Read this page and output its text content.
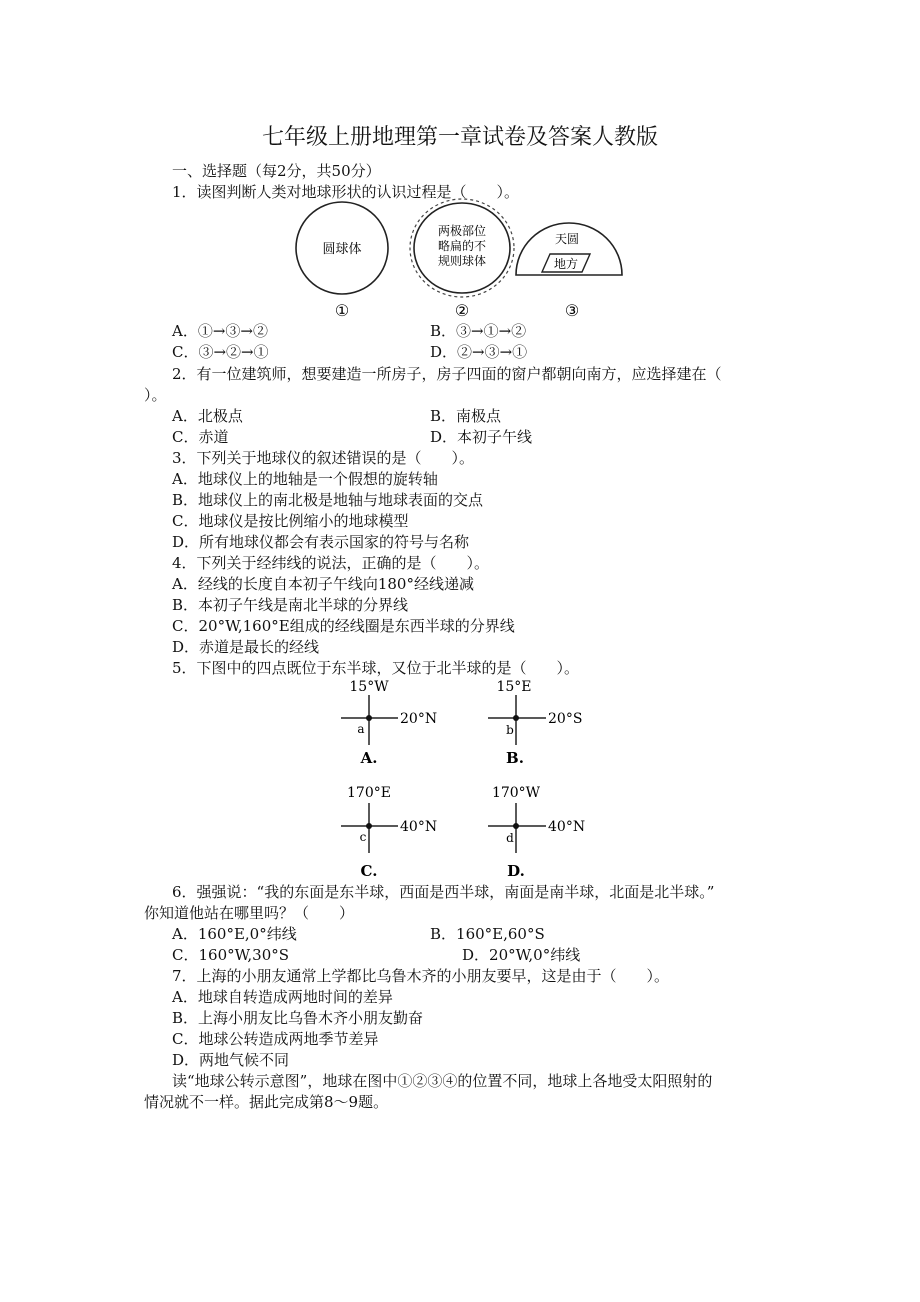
七年级上册地理第一章试卷及答案人教版
一、选择题（每2分，共50分）
1．读图判断人类对地球形状的认识过程是（　　）。
圆球体
①
两极部位
略扁的不
规则球体
②
天圆
地方
③
A．①→③→②	B．③→①→②
C．③→②→①	D．②→③→①
2．有一位建筑师，想要建造一所房子，房子四面的窗户都朝向南方，应选择建在（
）。
A．北极点	B．南极点
C．赤道	D．本初子午线
3．下列关于地球仪的叙述错误的是（　　）。
A．地球仪上的地轴是一个假想的旋转轴
B．地球仪上的南北极是地轴与地球表面的交点
C．地球仪是按比例缩小的地球模型
D．所有地球仪都会有表示国家的符号与名称
4．下列关于经纬线的说法，正确的是（　　）。
A．经线的长度自本初子午线向180°经线递减
B．本初子午线是南北半球的分界线
C．20°W,160°E组成的经线圈是东西半球的分界线
D．赤道是最长的经线
5．下图中的四点既位于东半球，又位于北半球的是（　　）。
15°W
20°N
a
A.
15°E
20°S
b
B.
170°E
40°N
c
C.
170°W
40°N
d
D.
6．强强说：“我的东面是东半球，西面是西半球，南面是南半球，北面是北半球。”
你知道他站在哪里吗？（　　）
A．160°E,0°纬线	B．160°E,60°S
C．160°W,30°S	D．20°W,0°纬线
7．上海的小朋友通常上学都比乌鲁木齐的小朋友要早，这是由于（　　）。
A．地球自转造成两地时间的差异
B．上海小朋友比乌鲁木齐小朋友勤奋
C．地球公转造成两地季节差异
D．两地气候不同
读“地球公转示意图”，地球在图中①②③④的位置不同，地球上各地受太阳照射的
情况就不一样。据此完成第8～9题。
